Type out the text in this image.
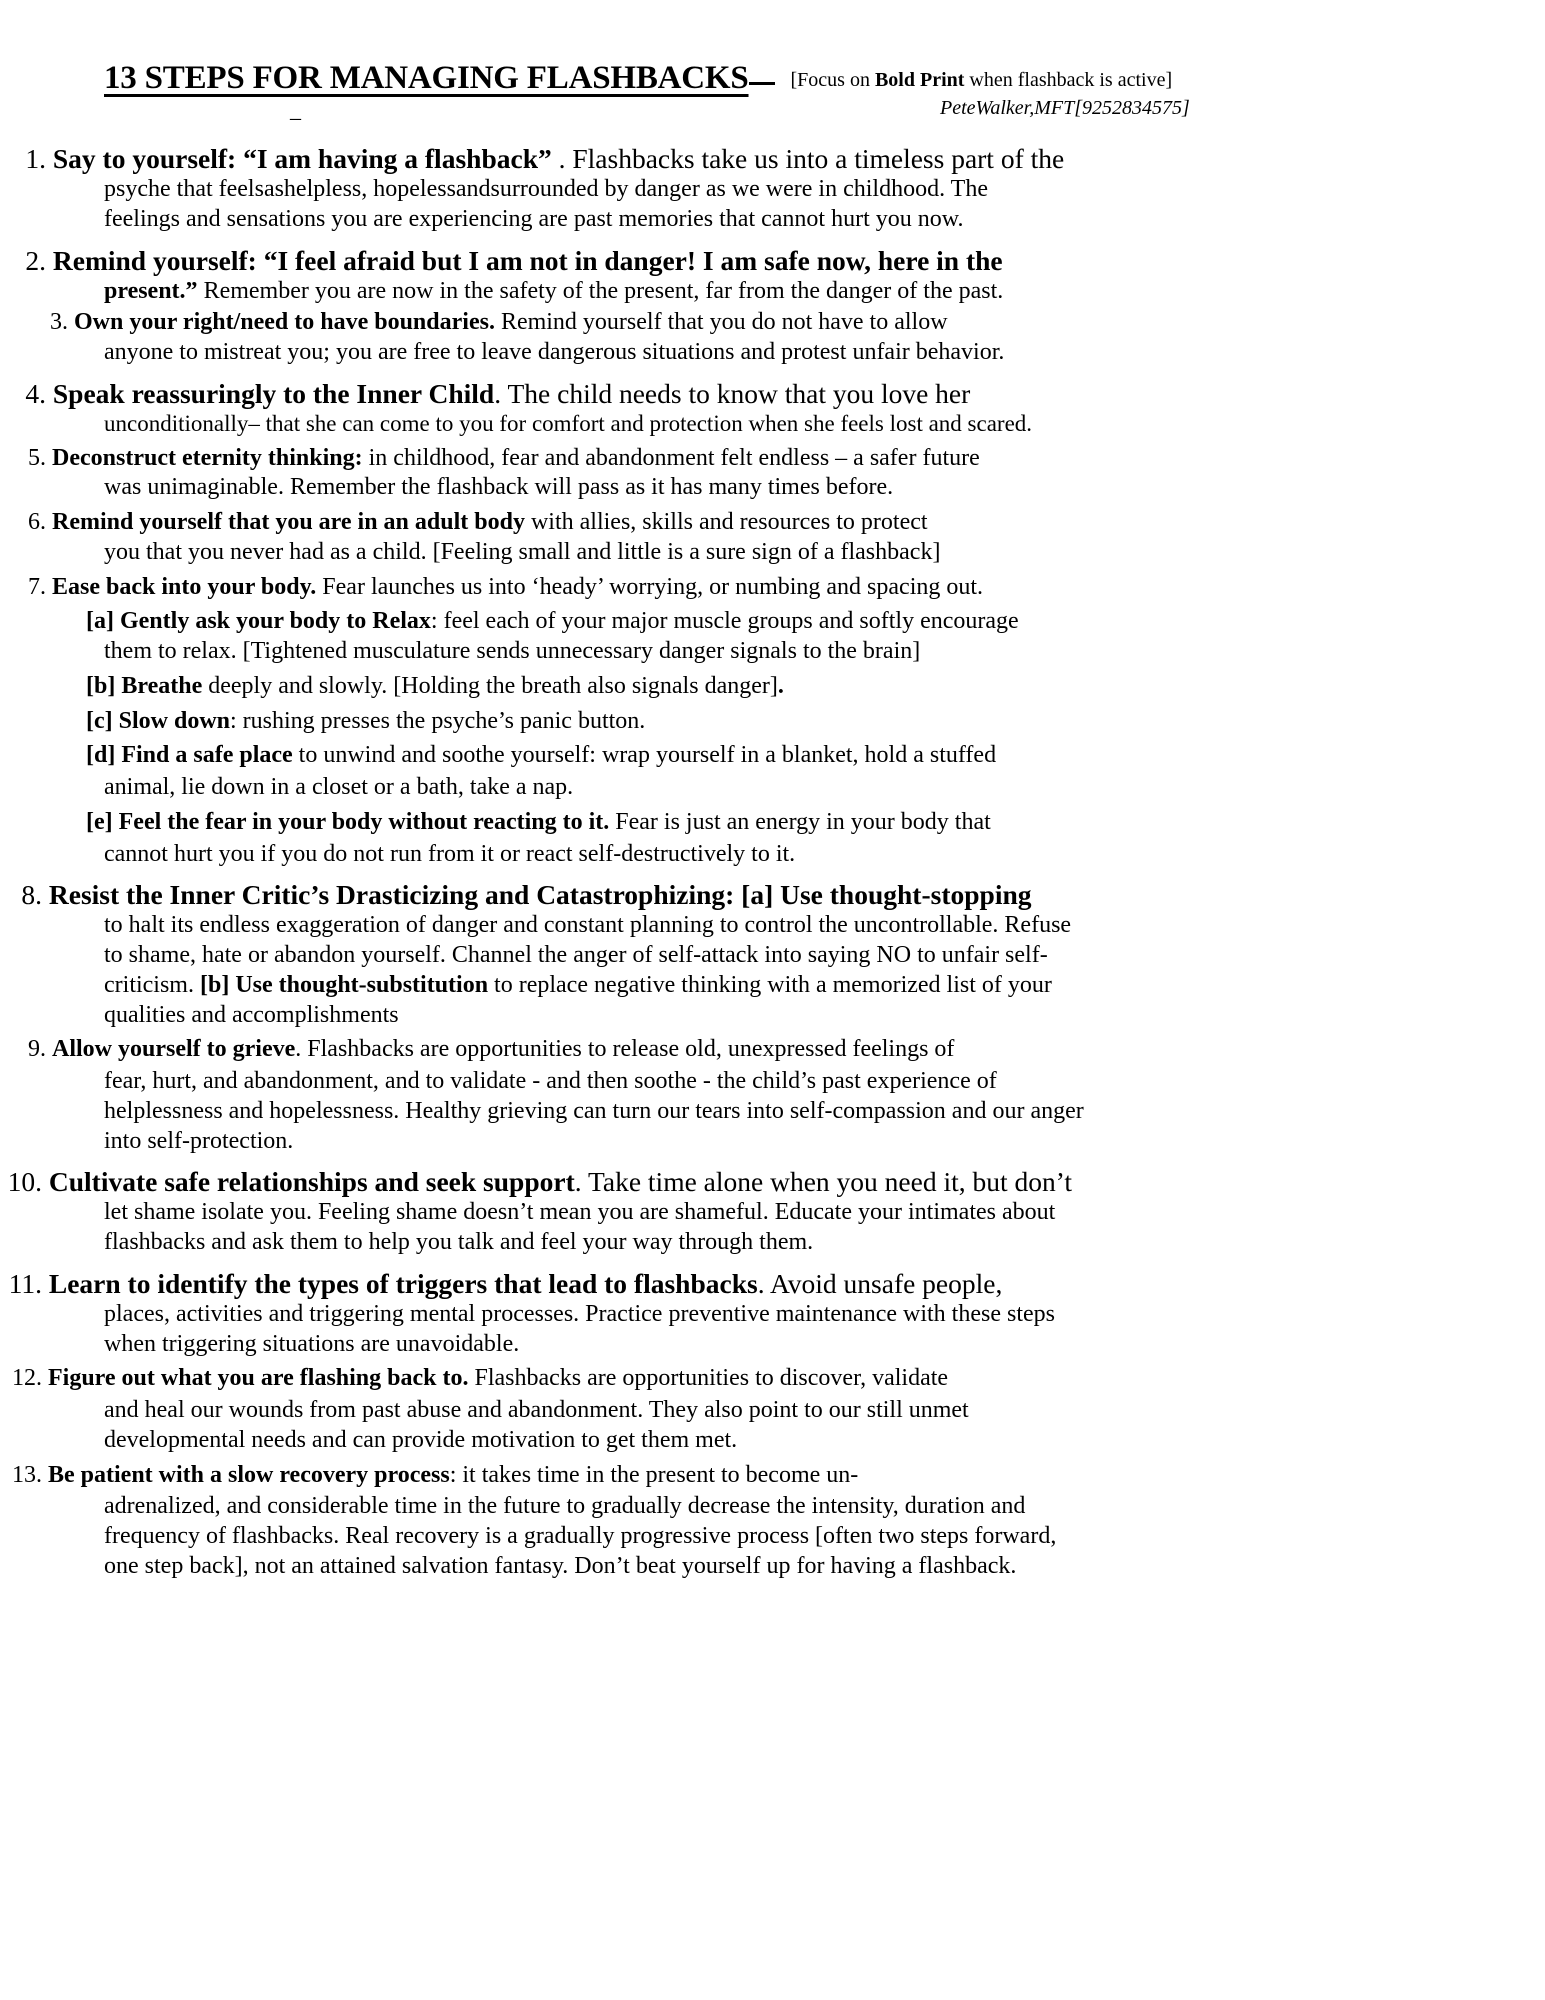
13 STEPS FOR MANAGING FLASHBACKS [Focus on Bold Print when flashback is active]
_	PeteWalker,MFT[9252834575]

1. Say to yourself: “I am having a flashback” . Flashbacks take us into a timeless part of the

psyche that feelsashelpless, hopelessandsurrounded by danger as we were in childhood. The

feelings and sensations you are experiencing are past memories that cannot hurt you now.

2. Remind yourself: “I feel afraid but I am not in danger! I am safe now, here in the

present.” Remember you are now in the safety of the present, far from the danger of the past.

3. Own your right/need to have boundaries. Remind yourself that you do not have to allow

anyone to mistreat you; you are free to leave dangerous situations and protest unfair behavior.

4. Speak reassuringly to the Inner Child. The child needs to know that you love her

unconditionally– that she can come to you for comfort and protection when she feels lost and scared.

5. Deconstruct eternity thinking: in childhood, fear and abandonment felt endless – a safer future

was unimaginable. Remember the flashback will pass as it has many times before.

6. Remind yourself that you are in an adult body with allies, skills and resources to protect

you that you never had as a child. [Feeling small and little is a sure sign of a flashback]

7. Ease back into your body. Fear launches us into ‘heady’ worrying, or numbing and spacing out.

[a] Gently ask your body to Relax: feel each of your major muscle groups and softly encourage

them to relax. [Tightened musculature sends unnecessary danger signals to the brain]

[b] Breathe deeply and slowly. [Holding the breath also signals danger].

[c] Slow down: rushing presses the psyche’s panic button.

[d] Find a safe place to unwind and soothe yourself: wrap yourself in a blanket, hold a stuffed

animal, lie down in a closet or a bath, take a nap.

[e] Feel the fear in your body without reacting to it. Fear is just an energy in your body that

cannot hurt you if you do not run from it or react self-destructively to it.

8. Resist the Inner Critic’s Drasticizing and Catastrophizing: [a] Use thought-stopping

to halt its endless exaggeration of danger and constant planning to control the uncontrollable. Refuse

to shame, hate or abandon yourself. Channel the anger of self-attack into saying NO to unfair self-

criticism. [b] Use thought-substitution to replace negative thinking with a memorized list of your

qualities and accomplishments

9. Allow yourself to grieve. Flashbacks are opportunities to release old, unexpressed feelings of

fear, hurt, and abandonment, and to validate - and then soothe - the child’s past experience of

helplessness and hopelessness. Healthy grieving can turn our tears into self-compassion and our anger

into self-protection.

10. Cultivate safe relationships and seek support. Take time alone when you need it, but don’t

let shame isolate you. Feeling shame doesn’t mean you are shameful. Educate your intimates about

flashbacks and ask them to help you talk and feel your way through them.

11. Learn to identify the types of triggers that lead to flashbacks. Avoid unsafe people,

places, activities and triggering mental processes. Practice preventive maintenance with these steps

when triggering situations are unavoidable.

12. Figure out what you are flashing back to. Flashbacks are opportunities to discover, validate

and heal our wounds from past abuse and abandonment. They also point to our still unmet

developmental needs and can provide motivation to get them met.

13. Be patient with a slow recovery process: it takes time in the present to become un-

adrenalized, and considerable time in the future to gradually decrease the intensity, duration and

frequency of flashbacks. Real recovery is a gradually progressive process [often two steps forward,

one step back], not an attained salvation fantasy. Don’t beat yourself up for having a flashback.
